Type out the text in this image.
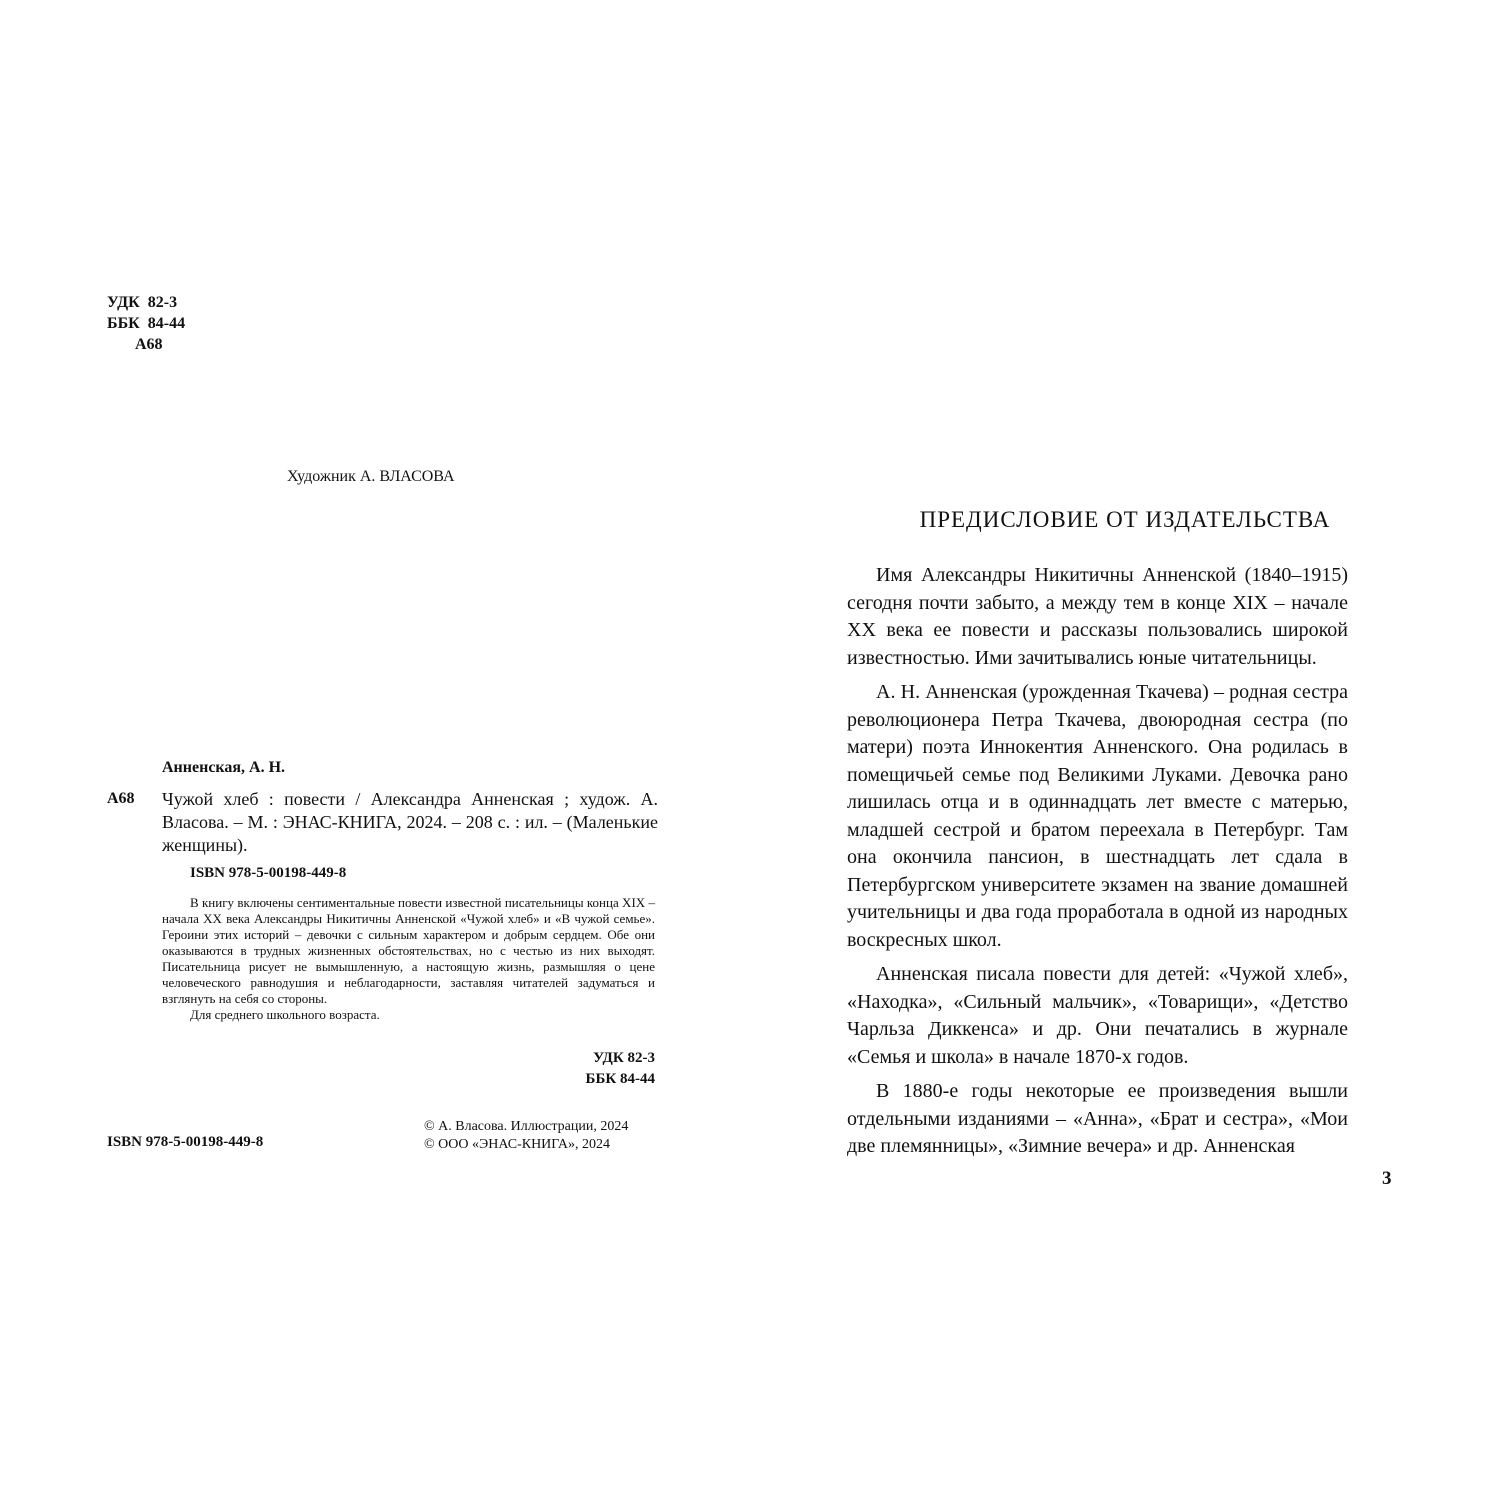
УДК  82-3
ББК  84-44
А68
Художник А. ВЛАСОВА
Анненская, А. Н.
А68 Чужой хлеб : повести / Александра Анненская ; худож. А. Власова. – М. : ЭНАС-КНИГА, 2024. – 208 с. : ил. – (Маленькие женщины).
ISBN 978-5-00198-449-8

В книгу включены сентиментальные повести известной писательницы конца XIX – начала XX века Александры Никитичны Анненской «Чужой хлеб» и «В чужой семье». Героини этих историй – девочки с сильным характером и добрым сердцем. Обе они оказываются в трудных жизненных обстоятельствах, но с честью из них выходят. Писательница рисует не вымышленную, а настоящую жизнь, размышляя о цене человеческого равнодушия и неблагодарности, заставляя читателей задуматься и взглянуть на себя со стороны.

Для среднего школьного возраста.

УДК 82-3
ББК 84-44
ISBN 978-5-00198-449-8
© А. Власова. Иллюстрации, 2024
© ООО «ЭНАС-КНИГА», 2024
ПРЕДИСЛОВИЕ ОТ ИЗДАТЕЛЬСТВА

Имя Александры Никитичны Анненской (1840–1915) сегодня почти забыто, а между тем в конце XIX – начале XX века ее повести и рассказы пользовались широкой известностью. Ими зачитывались юные читательницы.

А. Н. Анненская (урожденная Ткачева) – родная сестра революционера Петра Ткачева, двоюродная сестра (по матери) поэта Иннокентия Анненского. Она родилась в помещичьей семье под Великими Луками. Девочка рано лишилась отца и в одиннадцать лет вместе с матерью, младшей сестрой и братом переехала в Петербург. Там она окончила пансион, в шестнадцать лет сдала в Петербургском университете экзамен на звание домашней учительницы и два года проработала в одной из народных воскресных школ.

Анненская писала повести для детей: «Чужой хлеб», «Находка», «Сильный мальчик», «Товарищи», «Детство Чарльза Диккенса» и др. Они печатались в журнале «Семья и школа» в начале 1870-х годов.

В 1880-е годы некоторые ее произведения вышли отдельными изданиями – «Анна», «Брат и сестра», «Мои две племянницы», «Зимние вечера» и др. Анненская

3
